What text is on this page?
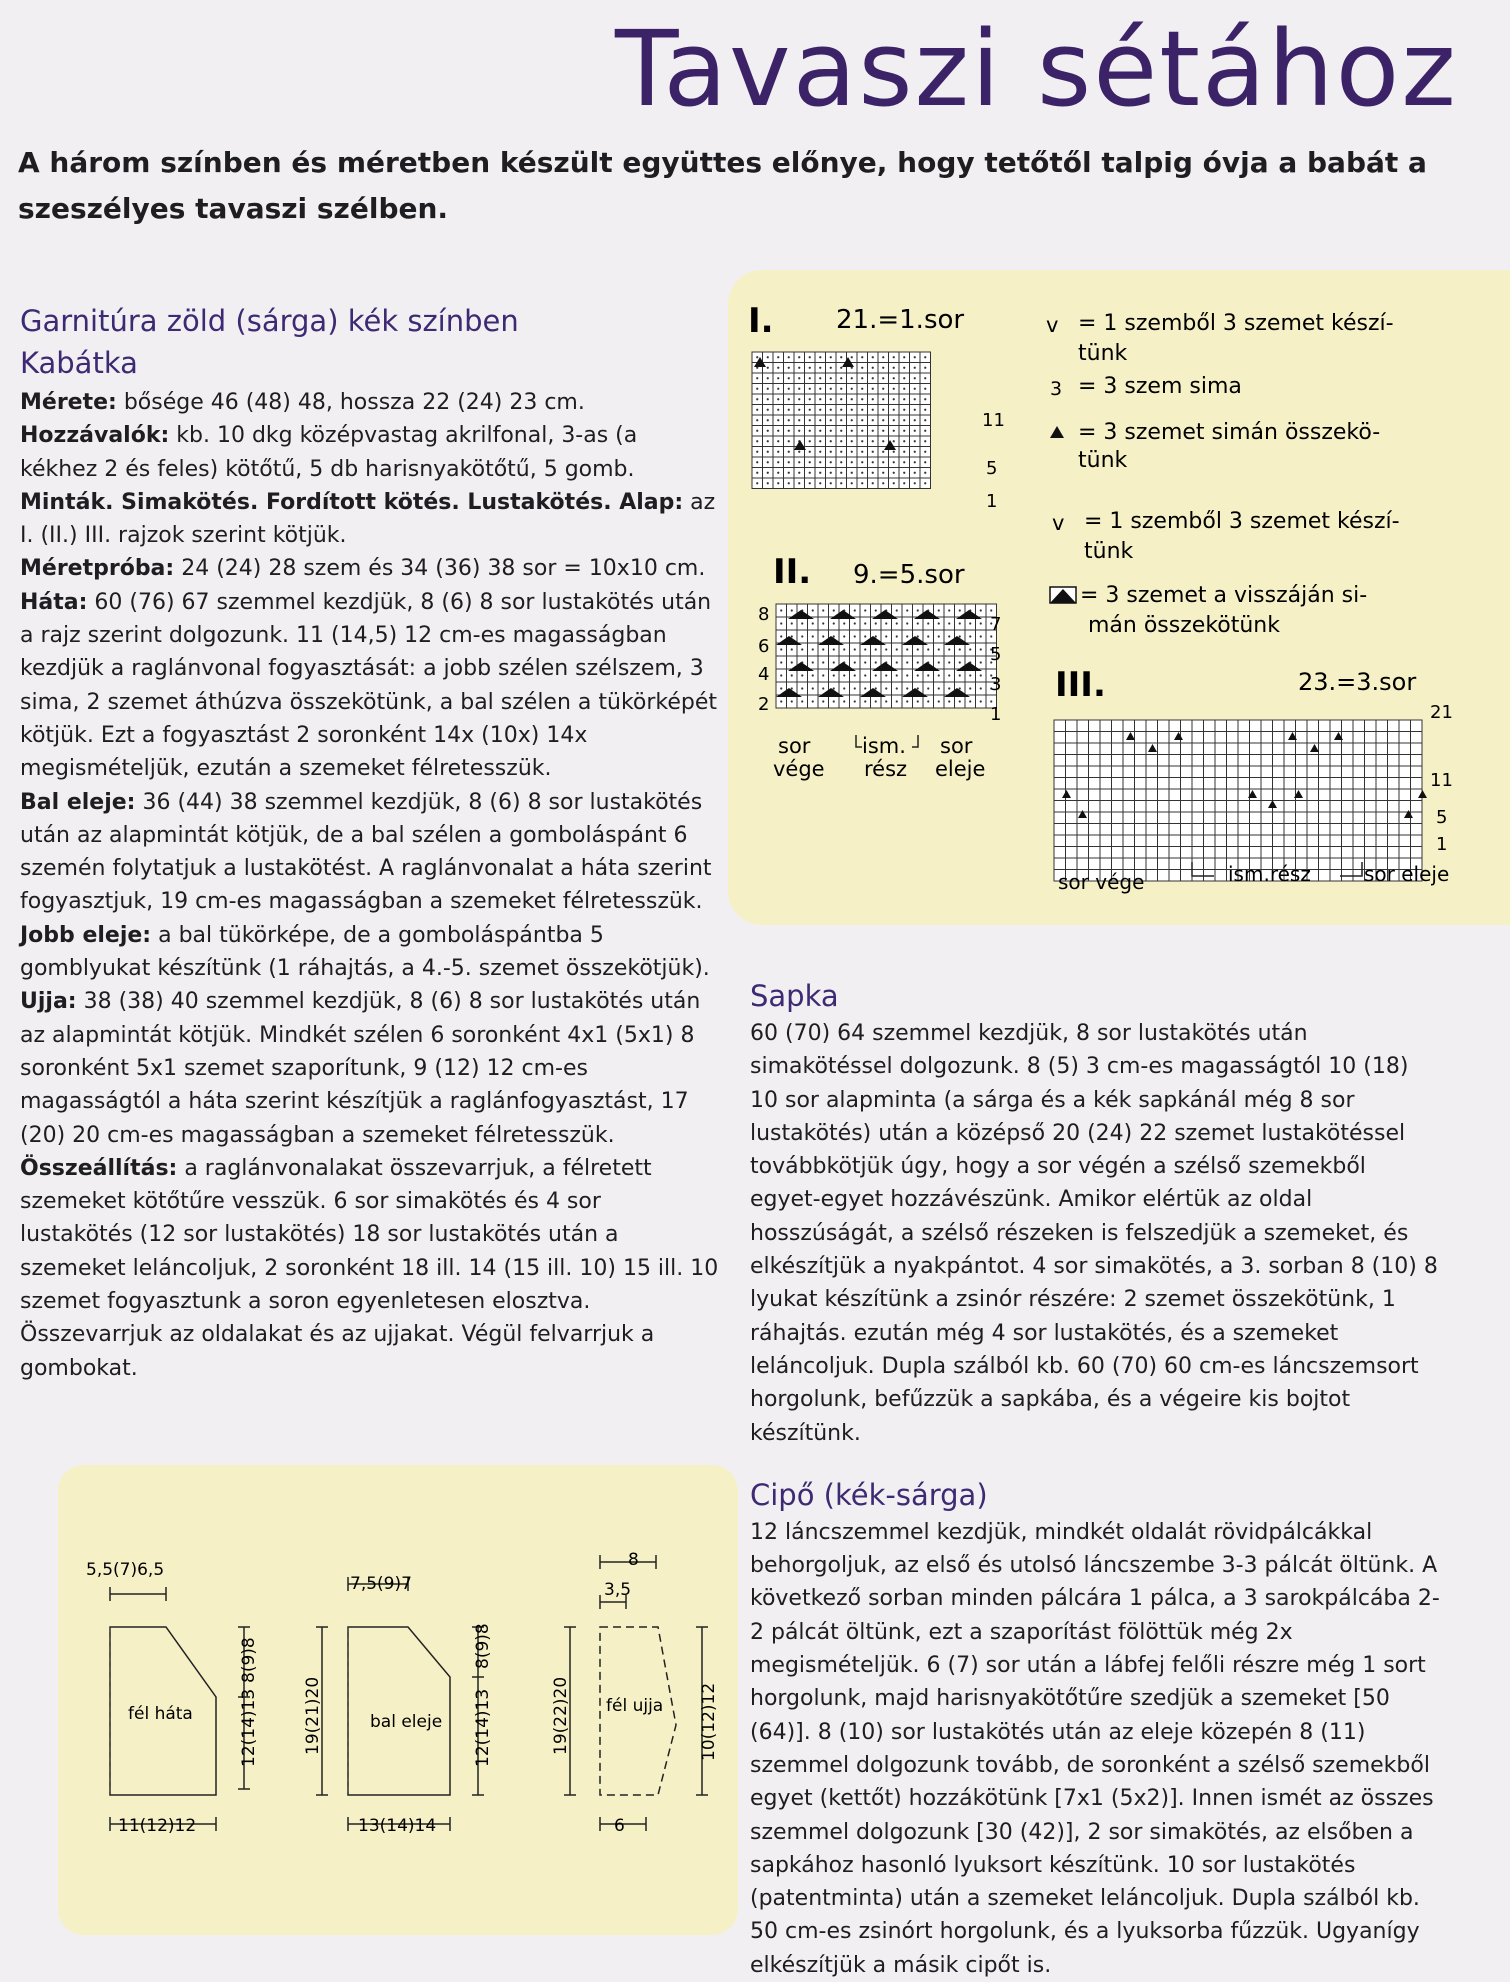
Tavaszi sétához
A három színben és méretben készült együttes előnye, hogy tetőtől talpig óvja a babát a szeszélyes tavaszi szélben.
Garnitúra zöld (sárga) kék színben
Kabátka

Mérete: bősége 46 (48) 48, hossza 22 (24) 23 cm.

Hozzávalók: kb. 10 dkg középvastag akrilfonal, 3-as (a kékhez 2 és feles) kötőtű, 5 db harisnyakötőtű, 5 gomb.

Minták. Simakötés. Fordított kötés. Lustakötés. Alap: az I. (II.) III. rajzok szerint kötjük.

Méretpróba: 24 (24) 28 szem és 34 (36) 38 sor = 10x10 cm.

Háta: 60 (76) 67 szemmel kezdjük, 8 (6) 8 sor lustakötés után a rajz szerint dolgozunk. 11 (14,5) 12 cm-es magasságban kezdjük a raglánvonal fogyasztását: a jobb szélen szélszem, 3 sima, 2 szemet áthúzva összekötünk, a bal szélen a tükörképét kötjük. Ezt a fogyasztást 2 soronként 14x (10x) 14x megismételjük, ezután a szemeket félretesszük.

Bal eleje: 36 (44) 38 szemmel kezdjük, 8 (6) 8 sor lustakötés után az alapmintát kötjük, de a bal szélen a gomboláspánt 6 szemén folytatjuk a lustakötést. A raglánvonalat a háta szerint fogyasztjuk, 19 cm-es magasságban a szemeket félretesszük.

Jobb eleje: a bal tükörképe, de a gomboláspántba 5 gomblyukat készítünk (1 ráhajtás, a 4.-5. szemet összekötjük).

Ujja: 38 (38) 40 szemmel kezdjük, 8 (6) 8 sor lustakötés után az alapmintát kötjük. Mindkét szélen 6 soronként 4x1 (5x1) 8 soronként 5x1 szemet szaporítunk, 9 (12) 12 cm-es magasságtól a háta szerint készítjük a raglánfogyasztást, 17 (20) 20 cm-es magasságban a szemeket félretesszük.

Összeállítás: a raglánvonalakat összevarrjuk, a félretett szemeket kötőtűre vesszük. 6 sor simakötés és 4 sor lustakötés (12 sor lustakötés) 18 sor lustakötés után a szemeket leláncoljuk, 2 soronként 18 ill. 14 (15 ill. 10) 15 ill. 10 szemet fogyasztunk a soron egyenletesen elosztva.

Összevarrjuk az oldalakat és az ujjakat. Végül felvarrjuk a gombokat.

I. 21.=1.sor
11
5
1
II. 9.=5.sor
8
6
4
2
7
5
3
1
sor
vége
ism.
rész
sor
eleje
v = 1 szemből 3 szemet készí-
tünk
3 = 3 szem sima
= 3 szemet simán összekö-
tünk
v = 1 szemből 3 szemet készí-
tünk
= 3 szemet a visszáján si-
mán összekötünk
III.	23.=3.sor
21
11
5
1
sor vége	ism.rész	sor eleje
Sapka

60 (70) 64 szemmel kezdjük, 8 sor lustakötés után simakötéssel dolgozunk. 8 (5) 3 cm-es magasságtól 10 (18) 10 sor alapminta (a sárga és a kék sapkánál még 8 sor lustakötés) után a középső 20 (24) 22 szemet lustakötéssel továbbkötjük úgy, hogy a sor végén a szélső szemekből egyet-egyet hozzávészünk. Amikor elértük az oldal hosszúságát, a szélső részeken is felszedjük a szemeket, és elkészítjük a nyakpántot. 4 sor simakötés, a 3. sorban 8 (10) 8 lyukat készítünk a zsinór részére: 2 szemet összekötünk, 1 ráhajtás. ezután még 4 sor lustakötés, és a szemeket leláncoljuk. Dupla szálból kb. 60 (70) 60 cm-es láncszemsort horgolunk, befűzzük a sapkába, és a végeire kis bojtot készítünk.

Cipő (kék-sárga)

12 láncszemmel kezdjük, mindkét oldalát rövidpálcákkal behorgoljuk, az első és utolsó láncszembe 3-3 pálcát öltünk. A következő sorban minden pálcára 1 pálca, a 3 sarokpálcába 2-2 pálcát öltünk, ezt a szaporítást fölöttük még 2x megismételjük. 6 (7) sor után a lábfej felőli részre még 1 sort horgolunk, majd harisnyakötőtűre szedjük a szemeket [50 (64)]. 8 (10) sor lustakötés után az eleje közepén 8 (11) szemmel dolgozunk tovább, de soronként a szélső szemekből egyet (kettőt) hozzákötünk [7x1 (5x2)]. Innen ismét az összes szemmel dolgozunk [30 (42)], 2 sor simakötés, az elsőben a sapkához hasonló lyuksort készítünk. 10 sor lustakötés (patentminta) után a szemeket leláncoljuk. Dupla szálból kb. 50 cm-es zsinórt horgolunk, és a lyuksorba fűzzük. Ugyanígy elkészítjük a másik cipőt is.

5,5(7)6,5
fél háta	12(14)13
8(9)8
11(12)12
7,5(9)7
bal eleje
19(21)20	12(14)13
8(9)8
13(14)14
8
3,5
fél ujja
19(22)20	10(12)12
6
